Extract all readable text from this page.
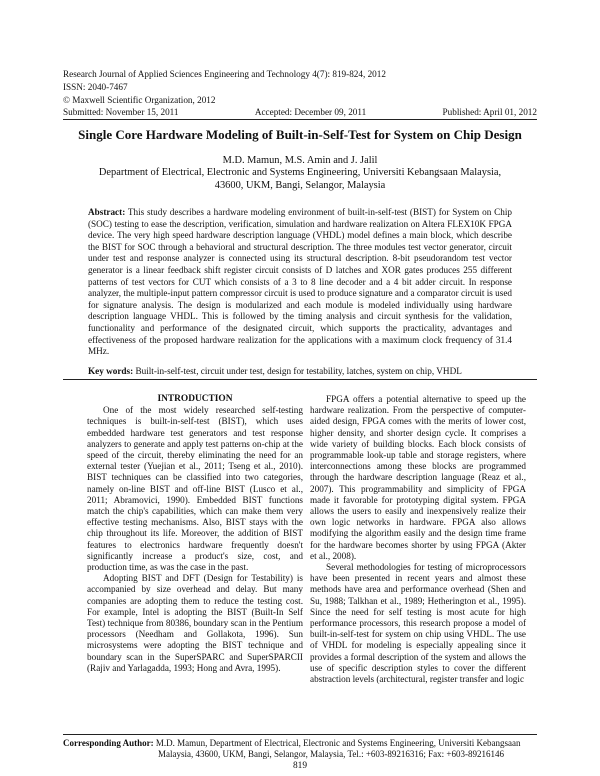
Research Journal of Applied Sciences Engineering and Technology 4(7): 819-824, 2012
ISSN: 2040-7467
© Maxwell Scientific Organization, 2012
Submitted: November 15, 2011	Accepted: December 09, 2011	Published: April 01, 2012
Single Core Hardware Modeling of Built-in-Self-Test for System on Chip Design
M.D. Mamun, M.S. Amin and J. Jalil
Department of Electrical, Electronic and Systems Engineering, Universiti Kebangsaan Malaysia,
43600, UKM, Bangi, Selangor, Malaysia
Abstract: This study describes a hardware modeling environment of built-in-self-test (BIST) for System on Chip (SOC) testing to ease the description, verification, simulation and hardware realization on Altera FLEX10K FPGA device. The very high speed hardware description language (VHDL) model defines a main block, which describe the BIST for SOC through a behavioral and structural description. The three modules test vector generator, circuit under test and response analyzer is connected using its structural description. 8-bit pseudorandom test vector generator is a linear feedback shift register circuit consists of D latches and XOR gates produces 255 different patterns of test vectors for CUT which consists of a 3 to 8 line decoder and a 4 bit adder circuit. In response analyzer, the multiple-input pattern compressor circuit is used to produce signature and a comparator circuit is used for signature analysis. The design is modularized and each module is modeled individually using hardware description language VHDL. This is followed by the timing analysis and circuit synthesis for the validation, functionality and performance of the designated circuit, which supports the practicality, advantages and effectiveness of the proposed hardware realization for the applications with a maximum clock frequency of 31.4 MHz.
Key words: Built-in-self-test, circuit under test, design for testability, latches, system on chip, VHDL

INTRODUCTION

One of the most widely researched self-testing techniques is built-in-self-test (BIST), which uses embedded hardware test generators and test response analyzers to generate and apply test patterns on-chip at the speed of the circuit, thereby eliminating the need for an external tester (Yuejian et al., 2011; Tseng et al., 2010). BIST techniques can be classified into two categories, namely on-line BIST and off-line BIST (Lusco et al., 2011; Abramovici, 1990). Embedded BIST functions match the chip's capabilities, which can make them very effective testing mechanisms. Also, BIST stays with the chip throughout its life. Moreover, the addition of BIST features to electronics hardware frequently doesn't significantly increase a product's size, cost, and production time, as was the case in the past.

Adopting BIST and DFT (Design for Testability) is accompanied by size overhead and delay. But many companies are adopting them to reduce the testing cost. For example, Intel is adopting the BIST (Built-In Self Test) technique from 80386, boundary scan in the Pentium processors (Needham and Gollakota, 1996). Sun microsystems were adopting the BIST technique and boundary scan in the SuperSPARC and SuperSPARCII (Rajiv and Yarlagadda, 1993; Hong and Avra, 1995).

FPGA offers a potential alternative to speed up the hardware realization. From the perspective of computer-aided design, FPGA comes with the merits of lower cost, higher density, and shorter design cycle. It comprises a wide variety of building blocks. Each block consists of programmable look-up table and storage registers, where interconnections among these blocks are programmed through the hardware description language (Reaz et al., 2007). This programmability and simplicity of FPGA made it favorable for prototyping digital system. FPGA allows the users to easily and inexpensively realize their own logic networks in hardware. FPGA also allows modifying the algorithm easily and the design time frame for the hardware becomes shorter by using FPGA (Akter et al., 2008).

Several methodologies for testing of microprocessors have been presented in recent years and almost these methods have area and performance overhead (Shen and Su, 1988; Talkhan et al., 1989; Hetherington et al., 1995). Since the need for self testing is most acute for high performance processors, this research propose a model of built-in-self-test for system on chip using VHDL. The use of VHDL for modeling is especially appealing since it provides a formal description of the system and allows the use of specific description styles to cover the different abstraction levels (architectural, register transfer and logic

Corresponding Author: M.D. Mamun, Department of Electrical, Electronic and Systems Engineering, Universiti Kebangsaan
Malaysia, 43600, UKM, Bangi, Selangor, Malaysia, Tel.: +603-89216316; Fax: +603-89216146
819
